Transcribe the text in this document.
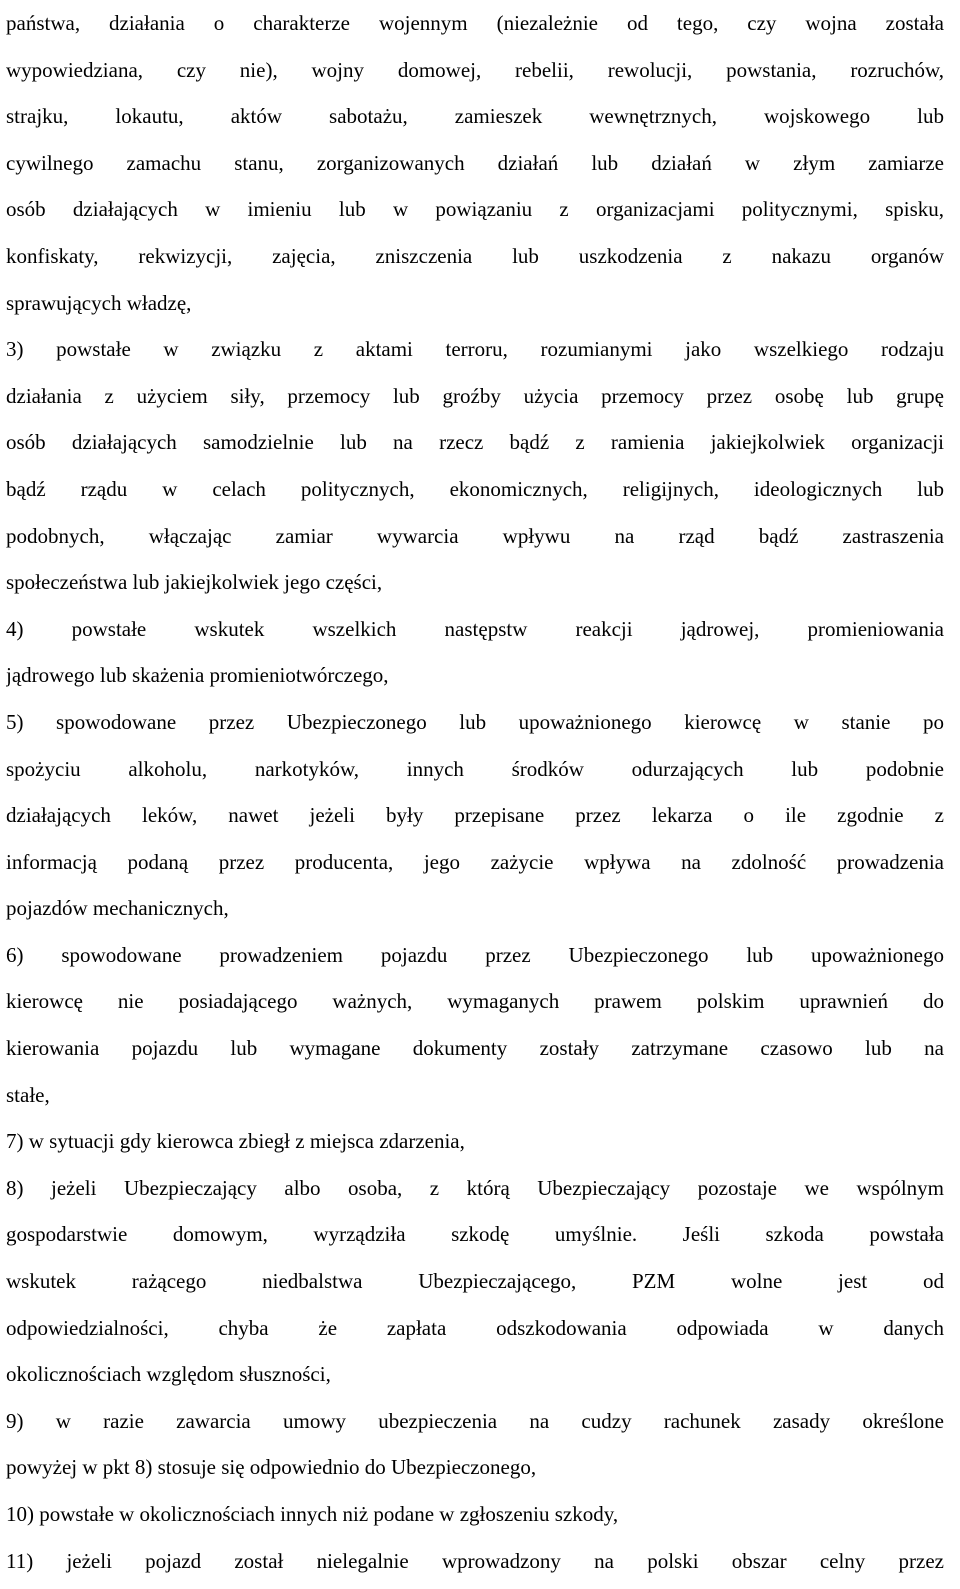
państwa, działania o charakterze wojennym (niezależnie od tego, czy wojna została
wypowiedziana, czy nie), wojny domowej, rebelii, rewolucji, powstania, rozruchów,
strajku, lokautu, aktów sabotażu, zamieszek wewnętrznych, wojskowego lub
cywilnego zamachu stanu, zorganizowanych działań lub działań w złym zamiarze
osób działających w imieniu lub w powiązaniu z organizacjami politycznymi, spisku,
konfiskaty, rekwizycji, zajęcia, zniszczenia lub uszkodzenia z nakazu organów
sprawujących władzę,
3) powstałe w związku z aktami terroru, rozumianymi jako wszelkiego rodzaju
działania z użyciem siły, przemocy lub groźby użycia przemocy przez osobę lub grupę
osób działających samodzielnie lub na rzecz bądź z ramienia jakiejkolwiek organizacji
bądź rządu w celach politycznych, ekonomicznych, religijnych, ideologicznych lub
podobnych, włączając zamiar wywarcia wpływu na rząd bądź zastraszenia
społeczeństwa lub jakiejkolwiek jego części,
4) powstałe wskutek wszelkich następstw reakcji jądrowej, promieniowania
jądrowego lub skażenia promieniotwórczego,
5) spowodowane przez Ubezpieczonego lub upoważnionego kierowcę w stanie po
spożyciu alkoholu, narkotyków, innych środków odurzających lub podobnie
działających leków, nawet jeżeli były przepisane przez lekarza o ile zgodnie z
informacją podaną przez producenta, jego zażycie wpływa na zdolność prowadzenia
pojazdów mechanicznych,
6) spowodowane prowadzeniem pojazdu przez Ubezpieczonego lub upoważnionego
kierowcę nie posiadającego ważnych, wymaganych prawem polskim uprawnień do
kierowania pojazdu lub wymagane dokumenty zostały zatrzymane czasowo lub na
stałe,
7) w sytuacji gdy kierowca zbiegł z miejsca zdarzenia,
8) jeżeli Ubezpieczający albo osoba, z którą Ubezpieczający pozostaje we wspólnym
gospodarstwie domowym, wyrządziła szkodę umyślnie. Jeśli szkoda powstała
wskutek rażącego niedbalstwa Ubezpieczającego, PZM wolne jest od
odpowiedzialności, chyba że zapłata odszkodowania odpowiada w danych
okolicznościach względom słuszności,
9) w razie zawarcia umowy ubezpieczenia na cudzy rachunek zasady określone
powyżej w pkt 8) stosuje się odpowiednio do Ubezpieczonego,
10) powstałe w okolicznościach innych niż podane w zgłoszeniu szkody,
11) jeżeli pojazd został nielegalnie wprowadzony na polski obszar celny przez
